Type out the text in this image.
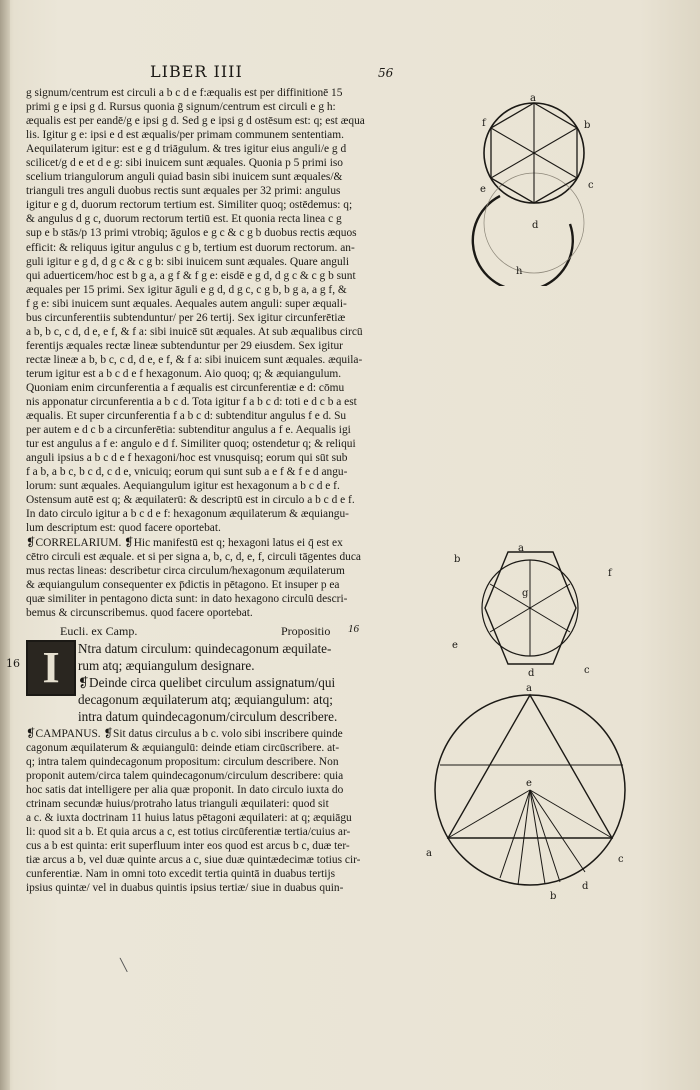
LIBER IIII	56
g signum/centrum est circuli a b c d e f:æqualis est per diffinitionē 15
primi g e ipsi g d. Rursus quonia ḡ signum/centrum est circuli e g h:
æqualis est per eandē/g e ipsi g d. Sed g e ipsi g d ostēsum est: q; est æqua
lis. Igitur g e: ipsi e d est æqualis/per primam communem sententiam.
Aequilaterum igitur: est e g d triāgulum. & tres igitur eius anguli/e g d
scilicet/g d e et d e g: sibi inuicem sunt æquales. Quonia p 5 primi iso
scelium triangulorum anguli quiad basin sibi inuicem sunt æquales/&
trianguli tres anguli duobus rectis sunt æquales per 32 primi: angulus
igitur e g d, duorum rectorum tertium est. Similiter quoq; ostēdemus: q;
& angulus d g c, duorum rectorum tertiū est. Et quonia recta linea c g
sup e b stās/p 13 primi vtrobiq; āgulos e g c & c g b duobus rectis æquos
efficit: & reliquus igitur angulus c g b, tertium est duorum rectorum. an-
guli igitur e g d, d g c & c g b: sibi inuicem sunt æquales. Quare anguli
qui aduerticem/hoc est b g a, a g f & f g e: eisdē e g d, d g c & c g b sunt
æquales per 15 primi. Sex igitur āguli e g d, d g c, c g b, b g a, a g f, &
f g e: sibi inuicem sunt æquales. Aequales autem anguli: super æquali-
bus circunferentiis subtenduntur/ per 26 tertij. Sex igitur circunferētiæ
a b, b c, c d, d e, e f, & f a: sibi inuicē sūt æquales. At sub æqualibus circū
ferentijs æquales rectæ lineæ subtenduntur per 29 eiusdem. Sex igitur
rectæ lineæ a b, b c, c d, d e, e f, & f a: sibi inuicem sunt æquales. æquila-
terum igitur est a b c d e f hexagonum. Aio quoq; q; & æquiangulum.
Quoniam enim circunferentia a f æqualis est circunferentiæ e d: cōmu
nis apponatur circunferentia a b c d. Tota igitur f a b c d: toti e d c b a est
æqualis. Et super circunferentia f a b c d: subtenditur angulus f e d. Su
per autem e d c b a circunferētia: subtenditur angulus a f e. Aequalis igi
tur est angulus a f e: angulo e d f. Similiter quoq; ostendetur q; & reliqui
anguli ipsius a b c d e f hexagoni/hoc est vnusquisq; eorum qui sūt sub
f a b, a b c, b c d, c d e, vnicuiq; eorum qui sunt sub a e f & f e d angu-
lorum: sunt æquales. Aequiangulum igitur est hexagonum a b c d e f.
Ostensum autē est q; & æquilaterū: & descriptū est in circulo a b c d e f.
In dato circulo igitur a b c d e f: hexagonum æquilaterum & æquiangu-
lum descriptum est: quod facere oportebat.
❡CORRELARIUM. ❡Hic manifestū est q; hexagoni latus ei q̄ est ex
cētro circuli est æquale. et si per signa a, b, c, d, e, f, circuli tāgentes duca
mus rectas lineas: describetur circa circulum/hexagonum æquilaterum
& æquiangulum consequenter ex p̄dictis in pētagono. Et insuper p ea
quæ similiter in pentagono dicta sunt: in dato hexagono circulū descri-
bemus & circunscribemus. quod facere oportebat.
Eucli. ex Camp.	Propositio 16
I	Ntra datum circulum: quindecagonum æquilate-
rum atq; æquiangulum designare.
❡Deinde circa quelibet circulum assignatum/qui
decagonum æquilaterum atq; æquiangulum: atq;
intra datum quindecagonum/circulum describere.
❡CAMPANUS. ❡Sit datus circulus a b c. volo sibi inscribere quinde
cagonum æquilaterum & æquiangulū: deinde etiam circūscribere. at-
q; intra talem quindecagonum propositum: circulum describere. Non
proponit autem/circa talem quindecagonum/circulum describere: quia
hoc satis dat intelligere per alia quæ proponit. In dato circulo iuxta do
ctrinam secundæ huius/protraho latus trianguli æquilateri: quod sit
a c. & iuxta doctrinam 11 huius latus pētagoni æquilateri: at q; æquiāgu
li: quod sit a b. Et quia arcus a c, est totius circūferentiæ tertia/cuius ar-
cus a b est quinta: erit superfluum inter eos quod est arcus b c, duæ ter-
tiæ arcus a b, vel duæ quinte arcus a c, siue duæ quintædecimæ totius cir-
cunferentiæ. Nam in omni toto excedit tertia quintā in duabus tertijs
ipsius quintæ/ vel in duabus quintis ipsius tertiæ/ siue in duabus quin-
16
a
b
c
d
e
f
h
a
b
c
d
e
f
g
a
a
b
c
d
e
╲
